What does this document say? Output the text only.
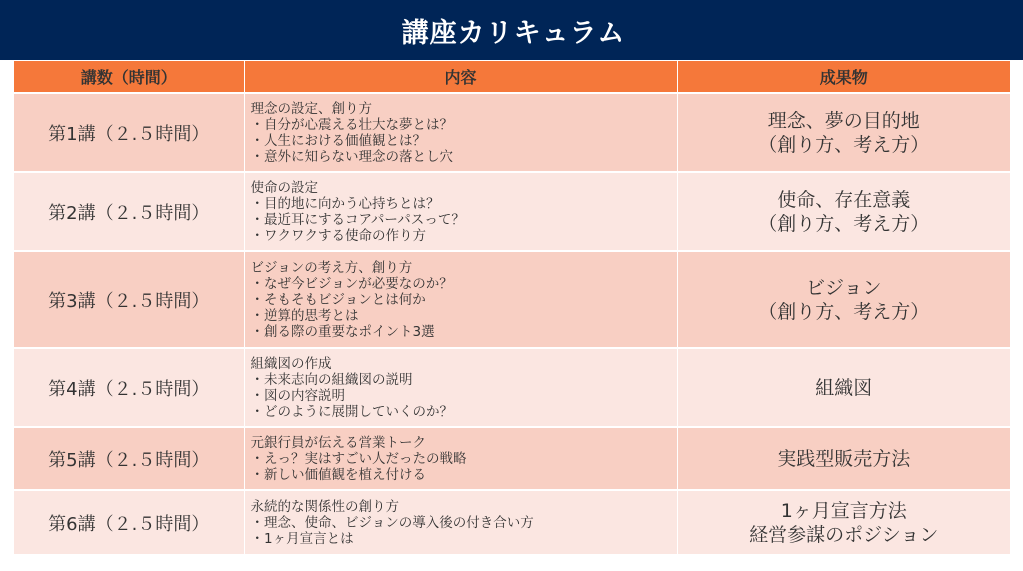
講座カリキュラム
講数（時間）	内容	成果物
第1講（２.５時間）	理念の設定、創り方
・自分が心震える壮大な夢とは？
・人生における価値観とは？
・意外に知らない理念の落とし穴	理念、夢の目的地
（創り方、考え方）

第2講（２.５時間）	使命の設定
・目的地に向かう心持ちとは？
・最近耳にするコアパーパスって？
・ワクワクする使命の作り方	使命、存在意義
（創り方、考え方）

第3講（２.５時間）	ビジョンの考え方、創り方
・なぜ今ビジョンが必要なのか？
・そもそもビジョンとは何か
・逆算的思考とは
・創る際の重要なポイント3選	ビジョン
（創り方、考え方）

第4講（２.５時間）	組織図の作成
・未来志向の組織図の説明
・図の内容説明
・どのように展開していくのか？	組織図

第5講（２.５時間）	元銀行員が伝える営業トーク
・えっ？実はすごい人だったの戦略
・新しい価値観を植え付ける	実践型販売方法

第6講（２.５時間）	永続的な関係性の創り方
・理念、使命、ビジョンの導入後の付き合い方
・1ヶ月宣言とは	1ヶ月宣言方法
経営参謀のポジション
